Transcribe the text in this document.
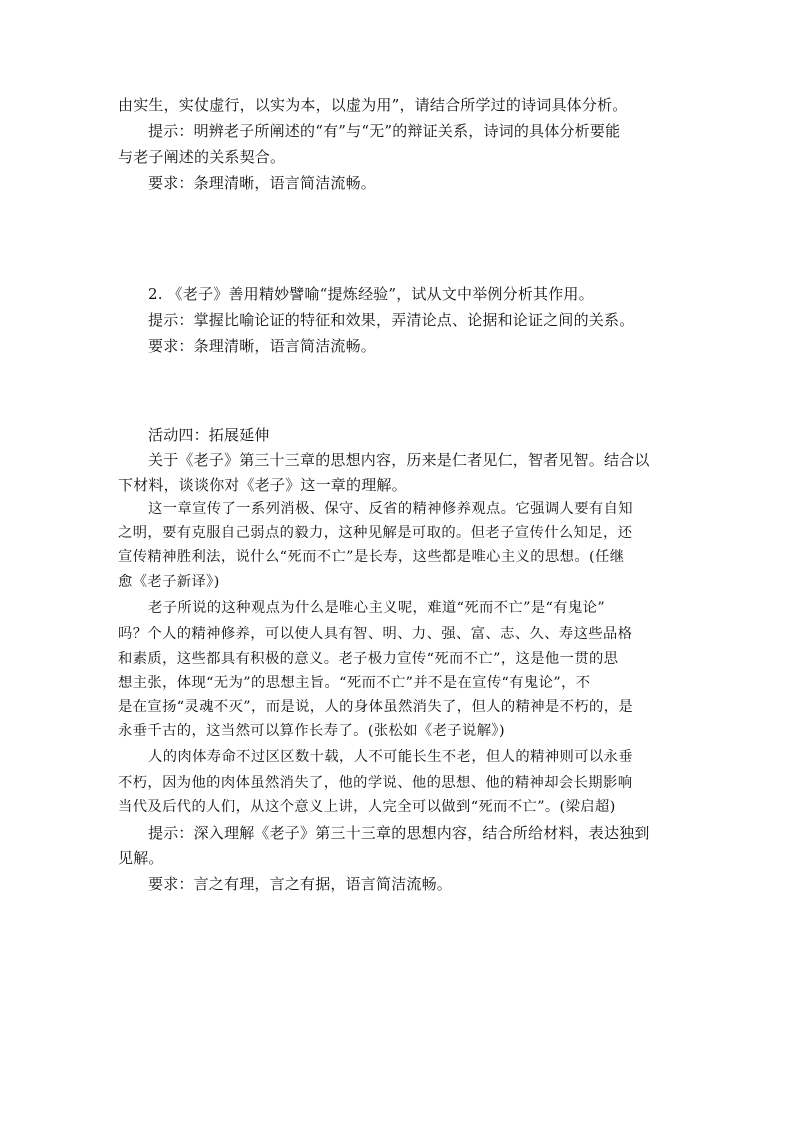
由实生，实仗虚行，以实为本，以虚为用”，请结合所学过的诗词具体分析。

提示：明辨老子所阐述的“有”与“无”的辩证关系，诗词的具体分析要能

与老子阐述的关系契合。

要求：条理清晰，语言简洁流畅。

2. 《老子》善用精妙譬喻“提炼经验”，试从文中举例分析其作用。

提示：掌握比喻论证的特征和效果，弄清论点、论据和论证之间的关系。

要求：条理清晰，语言简洁流畅。

活动四：拓展延伸

关于《老子》第三十三章的思想内容，历来是仁者见仁，智者见智。结合以

下材料，谈谈你对《老子》这一章的理解。

这一章宣传了一系列消极、保守、反省的精神修养观点。它强调人要有自知

之明，要有克服自己弱点的毅力，这种见解是可取的。但老子宣传什么知足，还

宣传精神胜利法，说什么“死而不亡”是长寿，这些都是唯心主义的思想。(任继

愈《老子新译》)

老子所说的这种观点为什么是唯心主义呢，难道“死而不亡”是“有鬼论”

吗？个人的精神修养，可以使人具有智、明、力、强、富、志、久、寿这些品格

和素质，这些都具有积极的意义。老子极力宣传“死而不亡”，这是他一贯的思

想主张，体现“无为”的思想主旨。“死而不亡”并不是在宣传“有鬼论”，不

是在宣扬“灵魂不灭”，而是说，人的身体虽然消失了，但人的精神是不朽的，是

永垂千古的，这当然可以算作长寿了。(张松如《老子说解》)

人的肉体寿命不过区区数十载，人不可能长生不老，但人的精神则可以永垂

不朽，因为他的肉体虽然消失了，他的学说、他的思想、他的精神却会长期影响

当代及后代的人们，从这个意义上讲，人完全可以做到“死而不亡”。(梁启超)

提示：深入理解《老子》第三十三章的思想内容，结合所给材料，表达独到

见解。

要求：言之有理，言之有据，语言简洁流畅。
